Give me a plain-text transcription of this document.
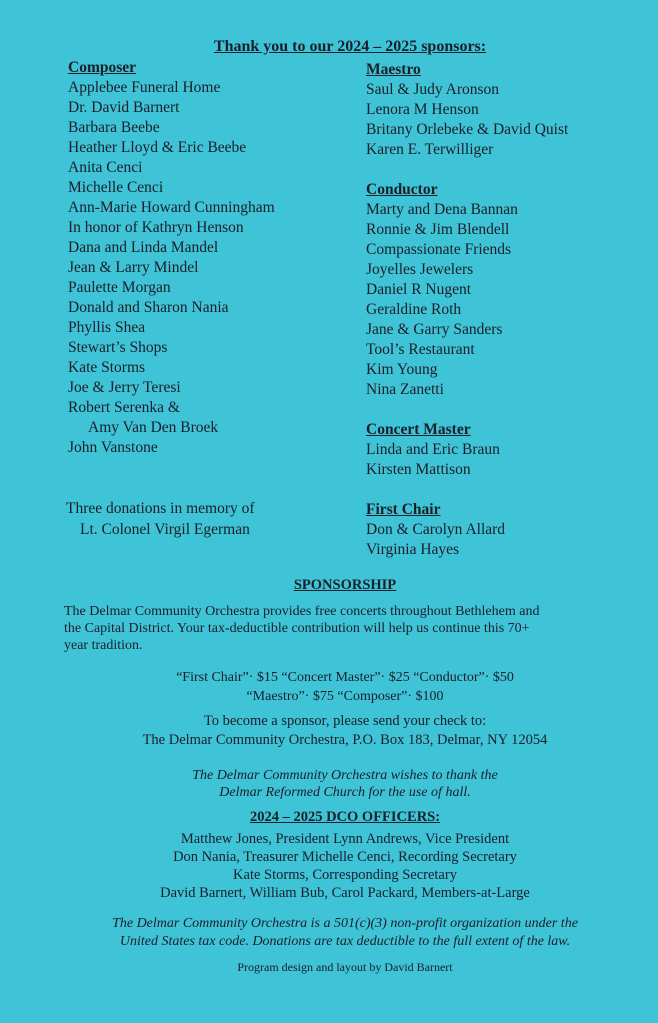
Thank you to our 2024 – 2025 sponsors:
Composer
Applebee Funeral Home
Dr. David Barnert
Barbara Beebe
Heather Lloyd & Eric Beebe
Anita Cenci
Michelle Cenci
Ann-Marie Howard Cunningham
In honor of Kathryn Henson
Dana and Linda Mandel
Jean & Larry Mindel
Paulette Morgan
Donald and Sharon Nania
Phyllis Shea
Stewart’s Shops
Kate Storms
Joe & Jerry Teresi
Robert Serenka &
Amy Van Den Broek
John Vanstone
Three donations in memory of
Lt. Colonel Virgil Egerman
Maestro
Saul & Judy Aronson
Lenora M Henson
Britany Orlebeke & David Quist
Karen E. Terwilliger
Conductor
Marty and Dena Bannan
Ronnie & Jim Blendell
Compassionate Friends
Joyelles Jewelers
Daniel R Nugent
Geraldine Roth
Jane & Garry Sanders
Tool’s Restaurant
Kim Young
Nina Zanetti
Concert Master
Linda and Eric Braun
Kirsten Mattison
First Chair
Don & Carolyn Allard
Virginia Hayes
SPONSORSHIP
The Delmar Community Orchestra provides free concerts throughout Bethlehem and the Capital District. Your tax-deductible contribution will help us continue this 70+ year tradition.
“First Chair”· $15 “Concert Master”· $25 “Conductor”· $50
“Maestro”· $75 “Composer”· $100
To become a sponsor, please send your check to:
The Delmar Community Orchestra, P.O. Box 183, Delmar, NY 12054
The Delmar Community Orchestra wishes to thank the
Delmar Reformed Church for the use of hall.
2024 – 2025 DCO OFFICERS:
Matthew Jones, President Lynn Andrews, Vice President
Don Nania, Treasurer Michelle Cenci, Recording Secretary
Kate Storms, Corresponding Secretary
David Barnert, William Bub, Carol Packard, Members-at-Large
The Delmar Community Orchestra is a 501(c)(3) non-profit organization under the
United States tax code. Donations are tax deductible to the full extent of the law.
Program design and layout by David Barnert
